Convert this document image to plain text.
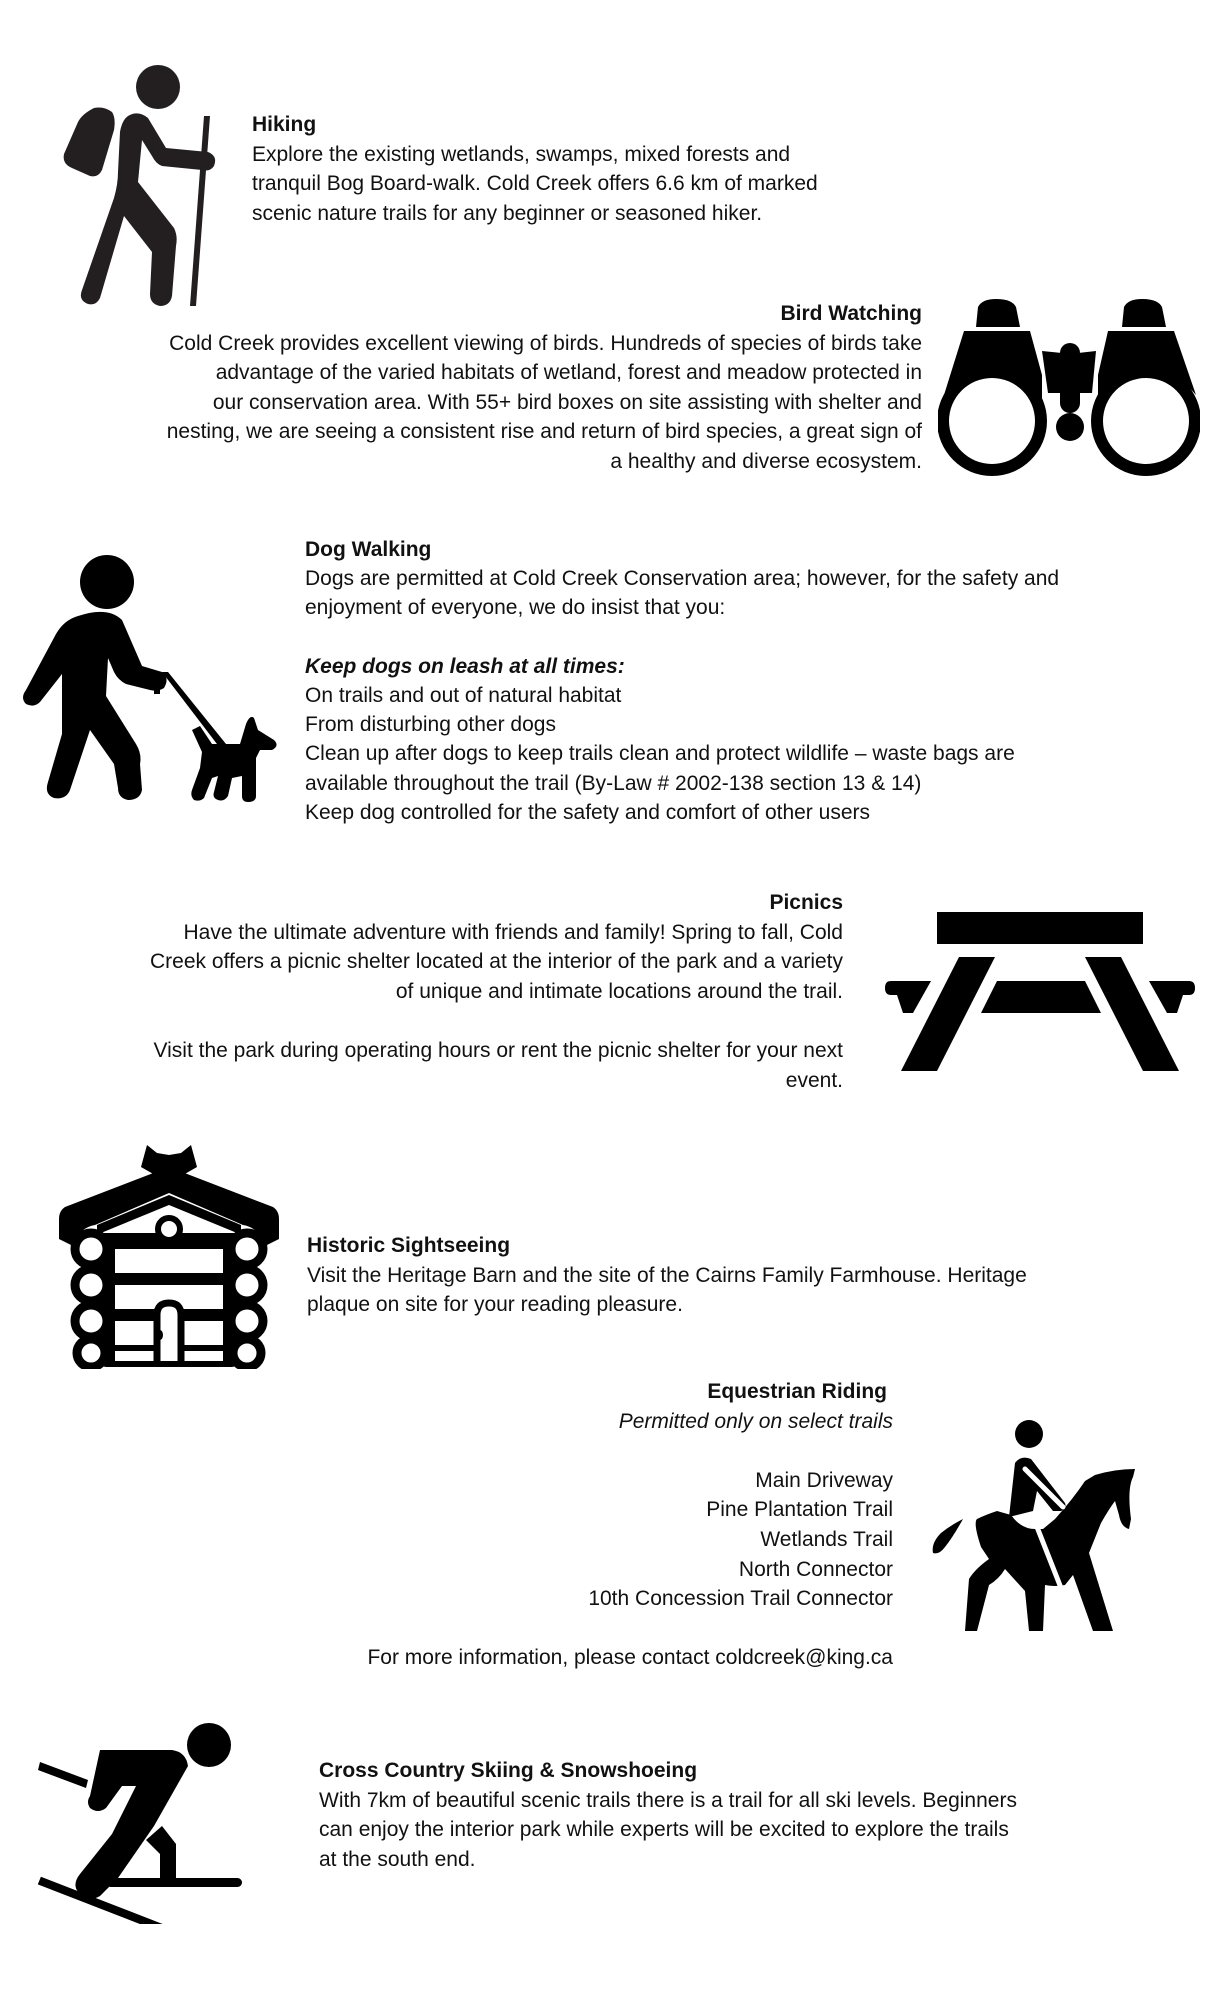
Hiking
Explore the existing wetlands, swamps, mixed forests and
tranquil Bog Board-walk. Cold Creek offers 6.6 km of marked
scenic nature trails for any beginner or seasoned hiker.
Bird Watching
Cold Creek provides excellent viewing of birds. Hundreds of species of birds take
advantage of the varied habitats of wetland, forest and meadow protected in
our conservation area. With 55+ bird boxes on site assisting with shelter and
nesting, we are seeing a consistent rise and return of bird species, a great sign of
a healthy and diverse ecosystem.
Dog Walking
Dogs are permitted at Cold Creek Conservation area; however, for the safety and
enjoyment of everyone, we do insist that you:
Keep dogs on leash at all times:
On trails and out of natural habitat
From disturbing other dogs
Clean up after dogs to keep trails clean and protect wildlife – waste bags are
available throughout the trail (By-Law # 2002-138 section 13 & 14)
Keep dog controlled for the safety and comfort of other users
Picnics
Have the ultimate adventure with friends and family! Spring to fall, Cold
Creek offers a picnic shelter located at the interior of the park and a variety
of unique and intimate locations around the trail.
Visit the park during operating hours or rent the picnic shelter for your next
event.
Historic Sightseeing
Visit the Heritage Barn and the site of the Cairns Family Farmhouse. Heritage
plaque on site for your reading pleasure.
Equestrian Riding
Permitted only on select trails
Main Driveway
Pine Plantation Trail
Wetlands Trail
North Connector
10th Concession Trail Connector
For more information, please contact coldcreek@king.ca
Cross Country Skiing & Snowshoeing
With 7km of beautiful scenic trails there is a trail for all ski levels. Beginners
can enjoy the interior park while experts will be excited to explore the trails
at the south end.
